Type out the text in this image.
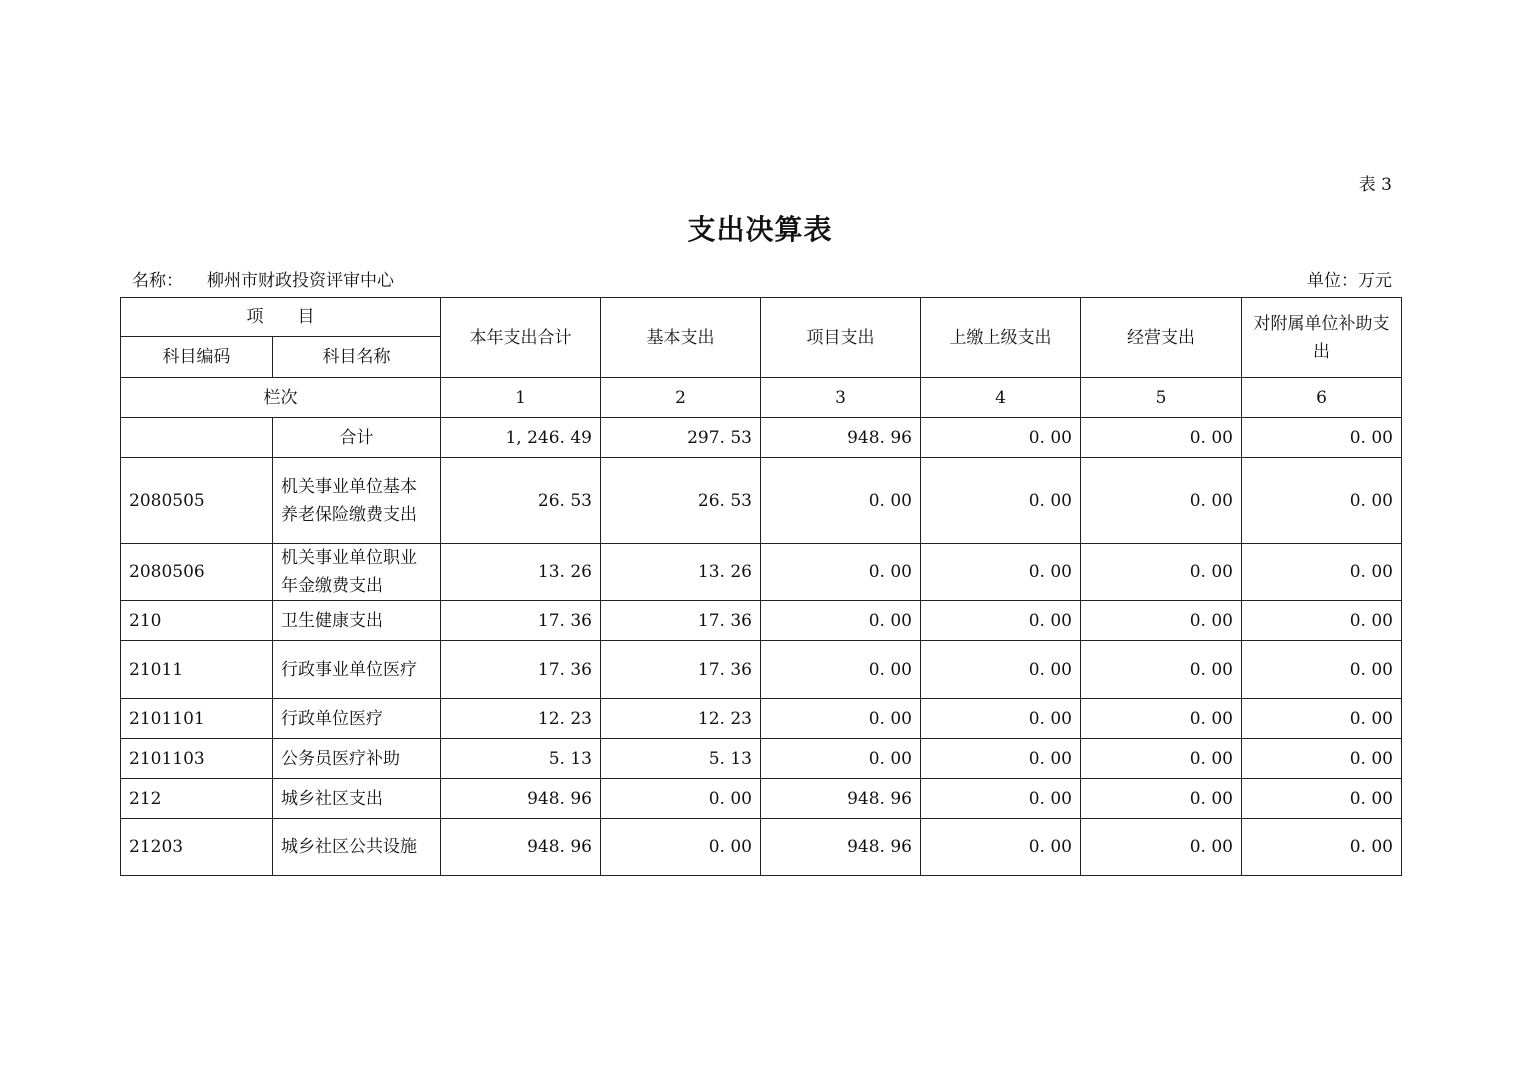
表 3
支出决算表
名称： 柳州市财政投资评审中心	单位：万元
项　　目		本年支出合计	基本支出	项目支出	上缴上级支出	经营支出	对附属单位补助支出
科目编码	科目名称						
栏次		1	2	3	4	5	6
	合计	1, 246. 49	297. 53	948. 96	0. 00	0. 00	0. 00
2080505	机关事业单位基本养老保险缴费支出	26. 53	26. 53	0. 00	0. 00	0. 00	0. 00
2080506	机关事业单位职业年金缴费支出	13. 26	13. 26	0. 00	0. 00	0. 00	0. 00
210	卫生健康支出	17. 36	17. 36	0. 00	0. 00	0. 00	0. 00
21011	行政事业单位医疗	17. 36	17. 36	0. 00	0. 00	0. 00	0. 00
2101101	行政单位医疗	12. 23	12. 23	0. 00	0. 00	0. 00	0. 00
2101103	公务员医疗补助	5. 13	5. 13	0. 00	0. 00	0. 00	0. 00
212	城乡社区支出	948. 96	0. 00	948. 96	0. 00	0. 00	0. 00
21203	城乡社区公共设施	948. 96	0. 00	948. 96	0. 00	0. 00	0. 00
